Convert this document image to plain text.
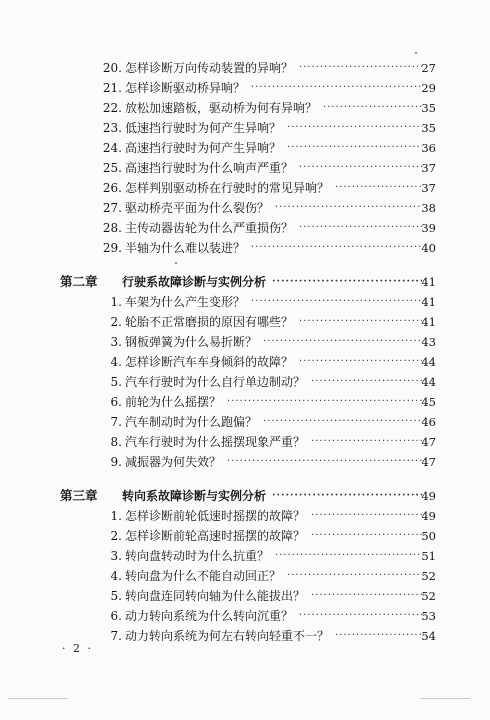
20. 怎样诊断万向传动装置的异响？ ·····	27
21. 怎样诊断驱动桥异响？ ·····	29
22. 放松加速踏板，驱动桥为何有异响？ ·····	35
23. 低速挡行驶时为何产生异响？ ·····	35
24. 高速挡行驶时为何产生异响？ ·····	36
25. 高速挡行驶时为什么响声严重？ ·····	37
26. 怎样判别驱动桥在行驶时的常见异响？ ·····	37
27. 驱动桥壳平面为什么裂伤？ ·····	38
28. 主传动器齿轮为什么严重损伤？ ·····	39
29. 半轴为什么难以装进？ ·····	40
第二章	行驶系故障诊断与实例分析 ·····	41
1. 车架为什么产生变形？ ·····	41
2. 轮胎不正常磨损的原因有哪些？ ·····	41
3. 钢板弹簧为什么易折断？ ·····	43
4. 怎样诊断汽车车身倾斜的故障？ ·····	44
5. 汽车行驶时为什么自行单边制动？ ·····	44
6. 前轮为什么摇摆？ ·····	45
7. 汽车制动时为什么跑偏？ ·····	46
8. 汽车行驶时为什么摇摆现象严重？ ·····	47
9. 减振器为何失效？ ·····	47
第三章	转向系故障诊断与实例分析 ·····	49
1. 怎样诊断前轮低速时摇摆的故障？ ·····	49
2. 怎样诊断前轮高速时摇摆的故障？ ·····	50
3. 转向盘转动时为什么抗重？ ·····	51
4. 转向盘为什么不能自动回正？ ·····	52
5. 转向盘连同转向轴为什么能拔出？ ·····	52
6. 动力转向系统为什么转向沉重？ ·····	53
7. 动力转向系统为何左右转向轻重不一？ ·····	54
· 2 ·
